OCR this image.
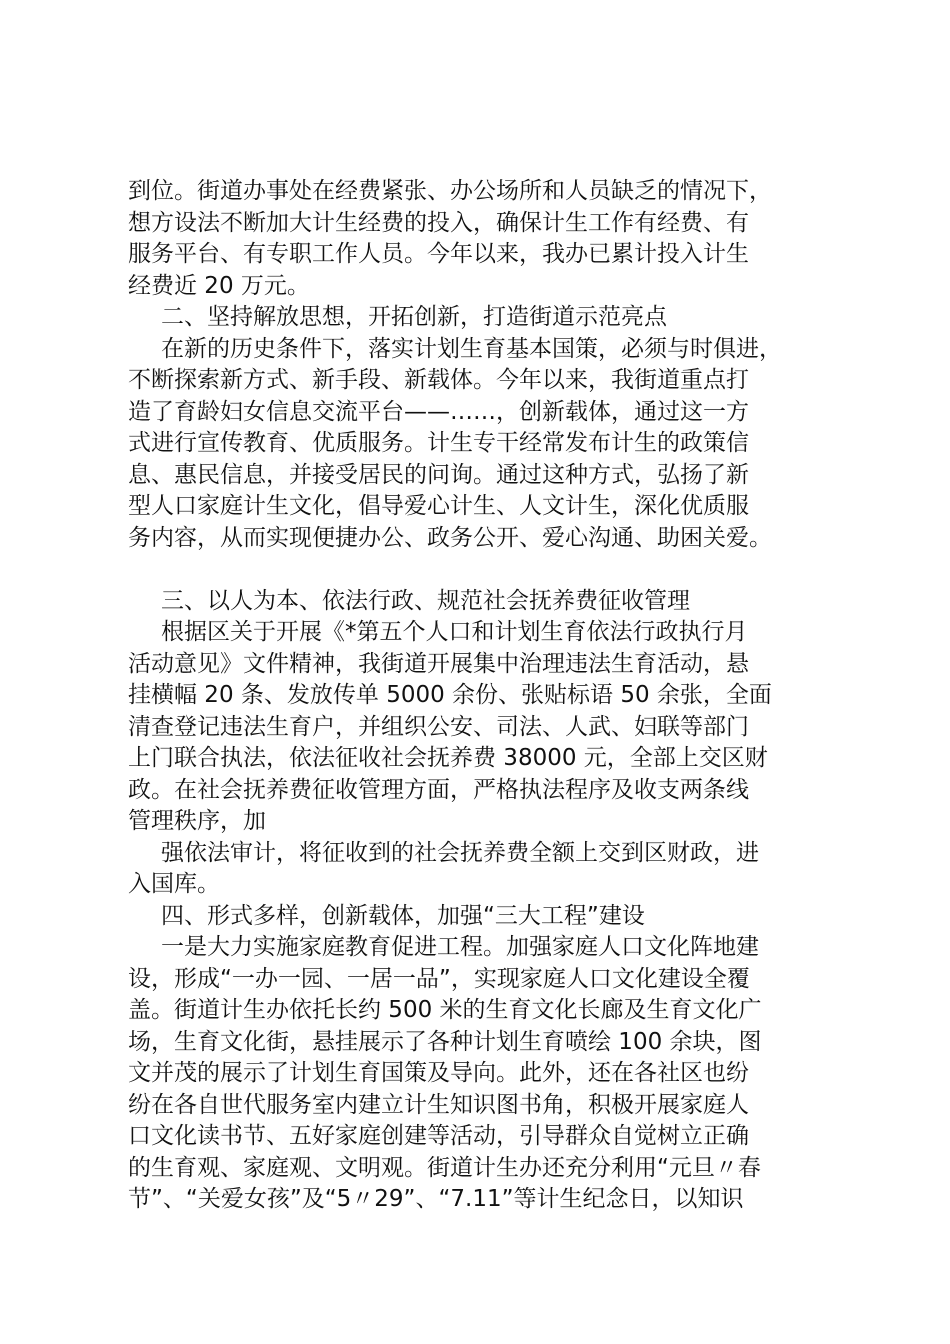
到位。街道办事处在经费紧张、办公场所和人员缺乏的情况下，
想方设法不断加大计生经费的投入，确保计生工作有经费、有
服务平台、有专职工作人员。今年以来，我办已累计投入计生
经费近 20 万元。
二、坚持解放思想，开拓创新，打造街道示范亮点
在新的历史条件下，落实计划生育基本国策，必须与时俱进，
不断探索新方式、新手段、新载体。今年以来，我街道重点打
造了育龄妇女信息交流平台——……，创新载体，通过这一方
式进行宣传教育、优质服务。计生专干经常发布计生的政策信
息、惠民信息，并接受居民的问询。通过这种方式，弘扬了新
型人口家庭计生文化，倡导爱心计生、人文计生，深化优质服
务内容，从而实现便捷办公、政务公开、爱心沟通、助困关爱。
三、以人为本、依法行政、规范社会抚养费征收管理
根据区关于开展《*第五个人口和计划生育依法行政执行月
活动意见》文件精神，我街道开展集中治理违法生育活动，悬
挂横幅 20 条、发放传单 5000 余份、张贴标语 50 余张，全面
清查登记违法生育户，并组织公安、司法、人武、妇联等部门
上门联合执法，依法征收社会抚养费 38000 元，全部上交区财
政。在社会抚养费征收管理方面，严格执法程序及收支两条线
管理秩序，加
强依法审计，将征收到的社会抚养费全额上交到区财政，进
入国库。
四、形式多样，创新载体，加强“三大工程”建设
一是大力实施家庭教育促进工程。加强家庭人口文化阵地建
设，形成“一办一园、一居一品”，实现家庭人口文化建设全覆
盖。街道计生办依托长约 500 米的生育文化长廊及生育文化广
场，生育文化街，悬挂展示了各种计划生育喷绘 100 余块，图
文并茂的展示了计划生育国策及导向。此外，还在各社区也纷
纷在各自世代服务室内建立计生知识图书角，积极开展家庭人
口文化读书节、五好家庭创建等活动，引导群众自觉树立正确
的生育观、家庭观、文明观。街道计生办还充分利用“元旦〃春
节”、“关爱女孩”及“5〃29”、“7.11”等计生纪念日，以知识
